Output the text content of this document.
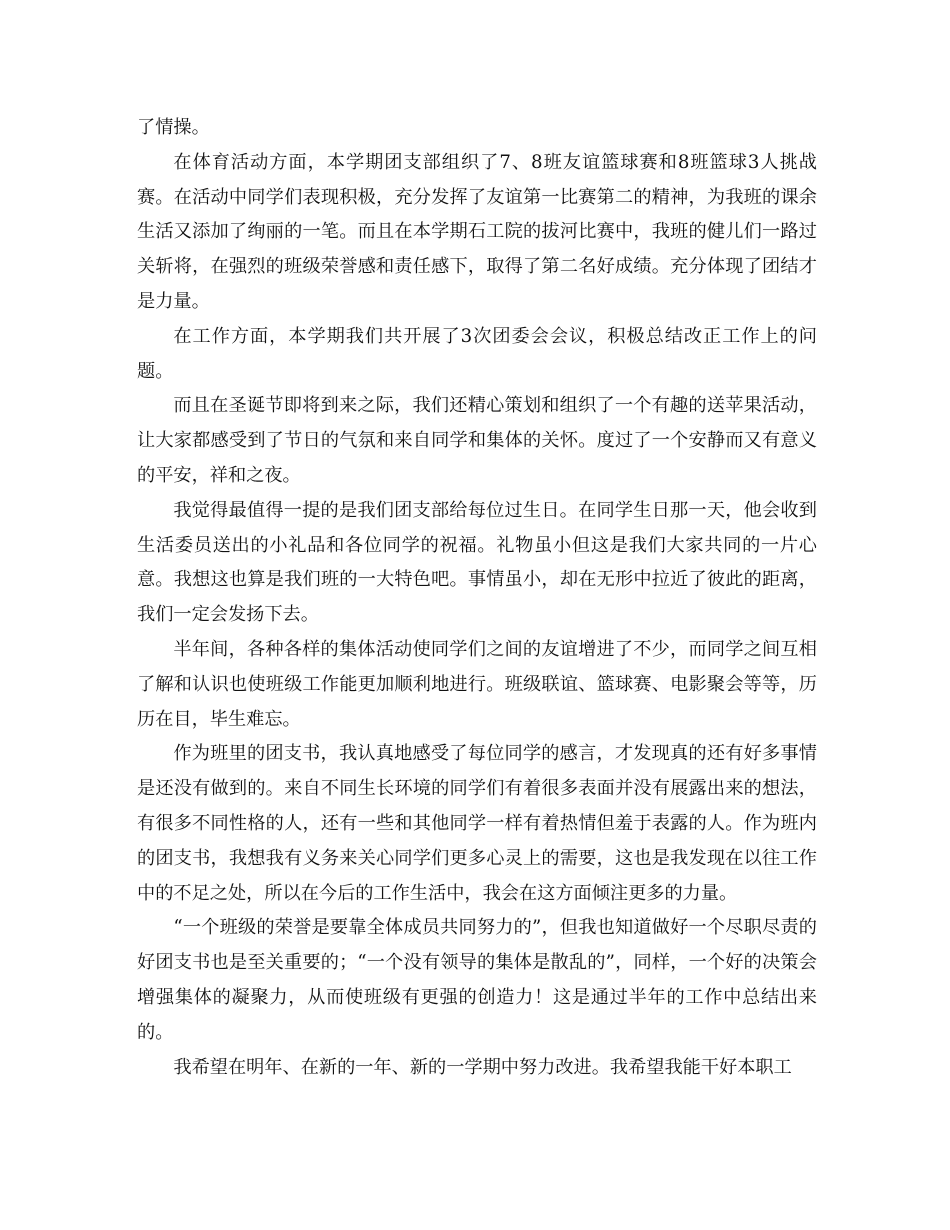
了情操。

在体育活动方面，本学期团支部组织了7、8班友谊篮球赛和8班篮球3人挑战赛。在活动中同学们表现积极，充分发挥了友谊第一比赛第二的精神，为我班的课余生活又添加了绚丽的一笔。而且在本学期石工院的拔河比赛中，我班的健儿们一路过关斩将，在强烈的班级荣誉感和责任感下，取得了第二名好成绩。充分体现了团结才是力量。

在工作方面，本学期我们共开展了3次团委会会议，积极总结改正工作上的问题。

而且在圣诞节即将到来之际，我们还精心策划和组织了一个有趣的送苹果活动，让大家都感受到了节日的气氛和来自同学和集体的关怀。度过了一个安静而又有意义的平安，祥和之夜。

我觉得最值得一提的是我们团支部给每位过生日。在同学生日那一天，他会收到生活委员送出的小礼品和各位同学的祝福。礼物虽小但这是我们大家共同的一片心意。我想这也算是我们班的一大特色吧。事情虽小，却在无形中拉近了彼此的距离，我们一定会发扬下去。

半年间，各种各样的集体活动使同学们之间的友谊增进了不少，而同学之间互相了解和认识也使班级工作能更加顺利地进行。班级联谊、篮球赛、电影聚会等等，历历在目，毕生难忘。

作为班里的团支书，我认真地感受了每位同学的感言，才发现真的还有好多事情是还没有做到的。来自不同生长环境的同学们有着很多表面并没有展露出来的想法，有很多不同性格的人，还有一些和其他同学一样有着热情但羞于表露的人。作为班内的团支书，我想我有义务来关心同学们更多心灵上的需要，这也是我发现在以往工作中的不足之处，所以在今后的工作生活中，我会在这方面倾注更多的力量。

“一个班级的荣誉是要靠全体成员共同努力的”，但我也知道做好一个尽职尽责的好团支书也是至关重要的；“一个没有领导的集体是散乱的”，同样，一个好的决策会增强集体的凝聚力，从而使班级有更强的创造力！这是通过半年的工作中总结出来的。

我希望在明年、在新的一年、新的一学期中努力改进。我希望我能干好本职工
